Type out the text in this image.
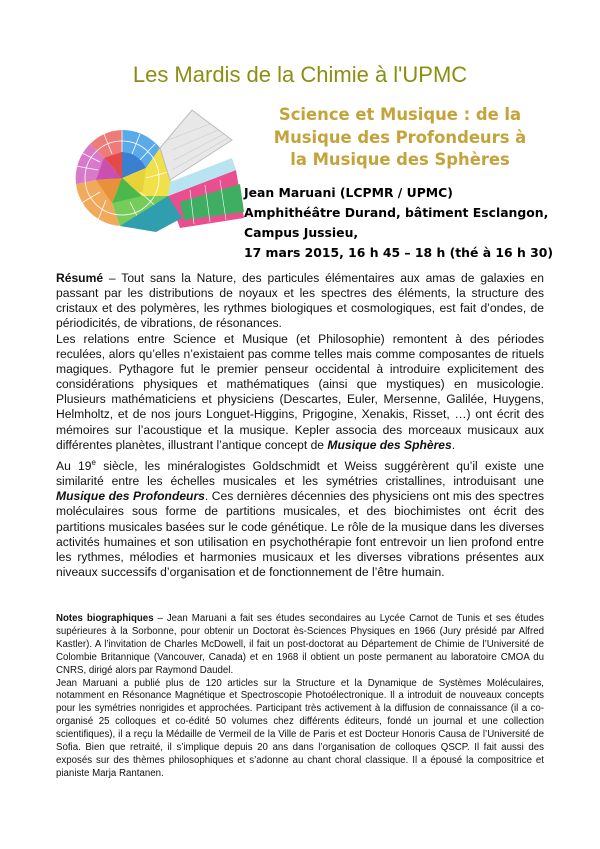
Les Mardis de la Chimie à l'UPMC
Science et Musique : de la
Musique des Profondeurs à
la Musique des Sphères
Jean Maruani (LCPMR / UPMC)
Amphithéâtre Durand, bâtiment Esclangon,
Campus Jussieu,
17 mars 2015, 16 h 45 – 18 h (thé à 16 h 30)

Résumé – Tout sans la Nature, des particules élémentaires aux amas de galaxies en passant par les distributions de noyaux et les spectres des éléments, la structure des cristaux et des polymères, les rythmes biologiques et cosmologiques, est fait d’ondes, de périodicités, de vibrations, de résonances.

Les relations entre Science et Musique (et Philosophie) remontent à des périodes reculées, alors qu’elles n’existaient pas comme telles mais comme composantes de rituels magiques. Pythagore fut le premier penseur occidental à introduire explicitement des considérations physiques et mathématiques (ainsi que mystiques) en musicologie. Plusieurs mathématiciens et physiciens (Descartes, Euler, Mersenne, Galilée, Huygens, Helmholtz, et de nos jours Longuet-Higgins, Prigogine, Xenakis, Risset, …) ont écrit des mémoires sur l’acoustique et la musique. Kepler associa des morceaux musicaux aux différentes planètes, illustrant l’antique concept de Musique des Sphères.

Au 19e siècle, les minéralogistes Goldschmidt et Weiss suggérèrent qu’il existe une similarité entre les échelles musicales et les symétries cristallines, introduisant une Musique des Profondeurs. Ces dernières décennies des physiciens ont mis des spectres moléculaires sous forme de partitions musicales, et des biochimistes ont écrit des partitions musicales basées sur le code génétique. Le rôle de la musique dans les diverses activités humaines et son utilisation en psychothérapie font entrevoir un lien profond entre les rythmes, mélodies et harmonies musicaux et les diverses vibrations présentes aux niveaux successifs d’organisation et de fonctionnement de l’être humain.

Notes biographiques – Jean Maruani a fait ses études secondaires au Lycée Carnot de Tunis et ses études supérieures à la Sorbonne, pour obtenir un Doctorat ès-Sciences Physiques en 1966 (Jury présidé par Alfred Kastler). A l’invitation de Charles McDowell, il fait un post-doctorat au Département de Chimie de l’Université de Colombie Britannique (Vancouver, Canada) et en 1968 il obtient un poste permanent au laboratoire CMOA du CNRS, dirigé alors par Raymond Daudel.

Jean Maruani a publié plus de 120 articles sur la Structure et la Dynamique de Systèmes Moléculaires, notamment en Résonance Magnétique et Spectroscopie Photoélectronique. Il a introduit de nouveaux concepts pour les symétries nonrigides et approchées. Participant très activement à la diffusion de connaissance (il a co-organisé 25 colloques et co-édité 50 volumes chez différents éditeurs, fondé un journal et une collection scientifiques), il a reçu la Médaille de Vermeil de la Ville de Paris et est Docteur Honoris Causa de l’Université de Sofia. Bien que retraité, il s’implique depuis 20 ans dans l’organisation de colloques QSCP. Il fait aussi des exposés sur des thèmes philosophiques et s’adonne au chant choral classique. Il a épousé la compositrice et pianiste Marja Rantanen.
